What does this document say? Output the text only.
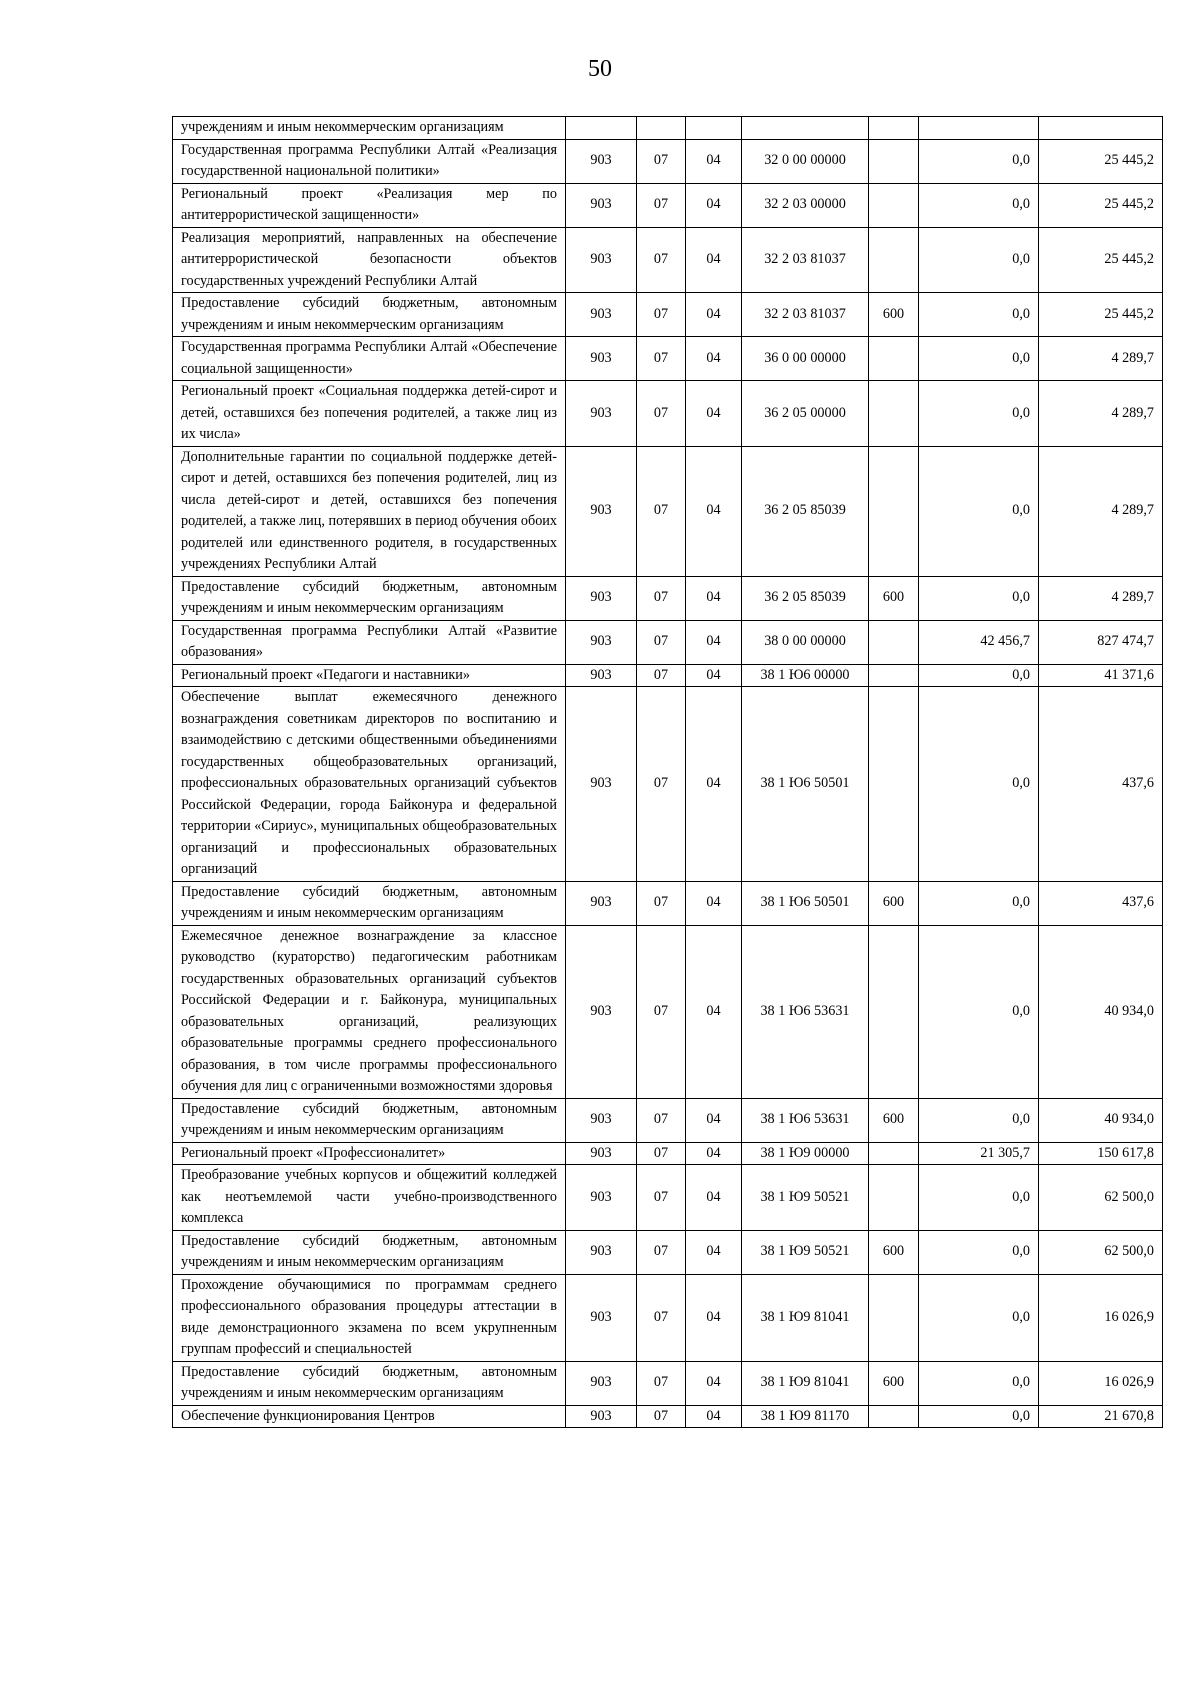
50
учреждениям и иным некоммерческим организациям							
Государственная программа Республики Алтай «Реализация государственной национальной политики»	903	07	04	32 0 00 00000		0,0	25 445,2
Региональный проект «Реализация мер по антитеррористической защищенности»	903	07	04	32 2 03 00000		0,0	25 445,2
Реализация мероприятий, направленных на обеспечение антитеррористической безопасности объектов государственных учреждений Республики Алтай	903	07	04	32 2 03 81037		0,0	25 445,2
Предоставление субсидий бюджетным, автономным учреждениям и иным некоммерческим организациям	903	07	04	32 2 03 81037	600	0,0	25 445,2
Государственная программа Республики Алтай «Обеспечение социальной защищенности»	903	07	04	36 0 00 00000		0,0	4 289,7
Региональный проект «Социальная поддержка детей-сирот и детей, оставшихся без попечения родителей, а также лиц из их числа»	903	07	04	36 2 05 00000		0,0	4 289,7
Дополнительные гарантии по социальной поддержке детей-сирот и детей, оставшихся без попечения родителей, лиц из числа детей-сирот и детей, оставшихся без попечения родителей, а также лиц, потерявших в период обучения обоих родителей или единственного родителя, в государственных учреждениях Республики Алтай	903	07	04	36 2 05 85039		0,0	4 289,7
Предоставление субсидий бюджетным, автономным учреждениям и иным некоммерческим организациям	903	07	04	36 2 05 85039	600	0,0	4 289,7
Государственная программа Республики Алтай «Развитие образования»	903	07	04	38 0 00 00000		42 456,7	827 474,7
Региональный проект «Педагоги и наставники»	903	07	04	38 1 Ю6 00000		0,0	41 371,6
Обеспечение выплат ежемесячного денежного вознаграждения советникам директоров по воспитанию и взаимодействию с детскими общественными объединениями государственных общеобразовательных организаций, профессиональных образовательных организаций субъектов Российской Федерации, города Байконура и федеральной территории «Сириус», муниципальных общеобразовательных организаций и профессиональных образовательных организаций	903	07	04	38 1 Ю6 50501		0,0	437,6
Предоставление субсидий бюджетным, автономным учреждениям и иным некоммерческим организациям	903	07	04	38 1 Ю6 50501	600	0,0	437,6
Ежемесячное денежное вознаграждение за классное руководство (кураторство) педагогическим работникам государственных образовательных организаций субъектов Российской Федерации и г. Байконура, муниципальных образовательных организаций, реализующих образовательные программы среднего профессионального образования, в том числе программы профессионального обучения для лиц с ограниченными возможностями здоровья	903	07	04	38 1 Ю6 53631		0,0	40 934,0
Предоставление субсидий бюджетным, автономным учреждениям и иным некоммерческим организациям	903	07	04	38 1 Ю6 53631	600	0,0	40 934,0
Региональный проект «Профессионалитет»	903	07	04	38 1 Ю9 00000		21 305,7	150 617,8
Преобразование учебных корпусов и общежитий колледжей как неотъемлемой части учебно-производственного комплекса	903	07	04	38 1 Ю9 50521		0,0	62 500,0
Предоставление субсидий бюджетным, автономным учреждениям и иным некоммерческим организациям	903	07	04	38 1 Ю9 50521	600	0,0	62 500,0
Прохождение обучающимися по программам среднего профессионального образования процедуры аттестации в виде демонстрационного экзамена по всем укрупненным группам профессий и специальностей	903	07	04	38 1 Ю9 81041		0,0	16 026,9
Предоставление субсидий бюджетным, автономным учреждениям и иным некоммерческим организациям	903	07	04	38 1 Ю9 81041	600	0,0	16 026,9
Обеспечение функционирования Центров	903	07	04	38 1 Ю9 81170		0,0	21 670,8
